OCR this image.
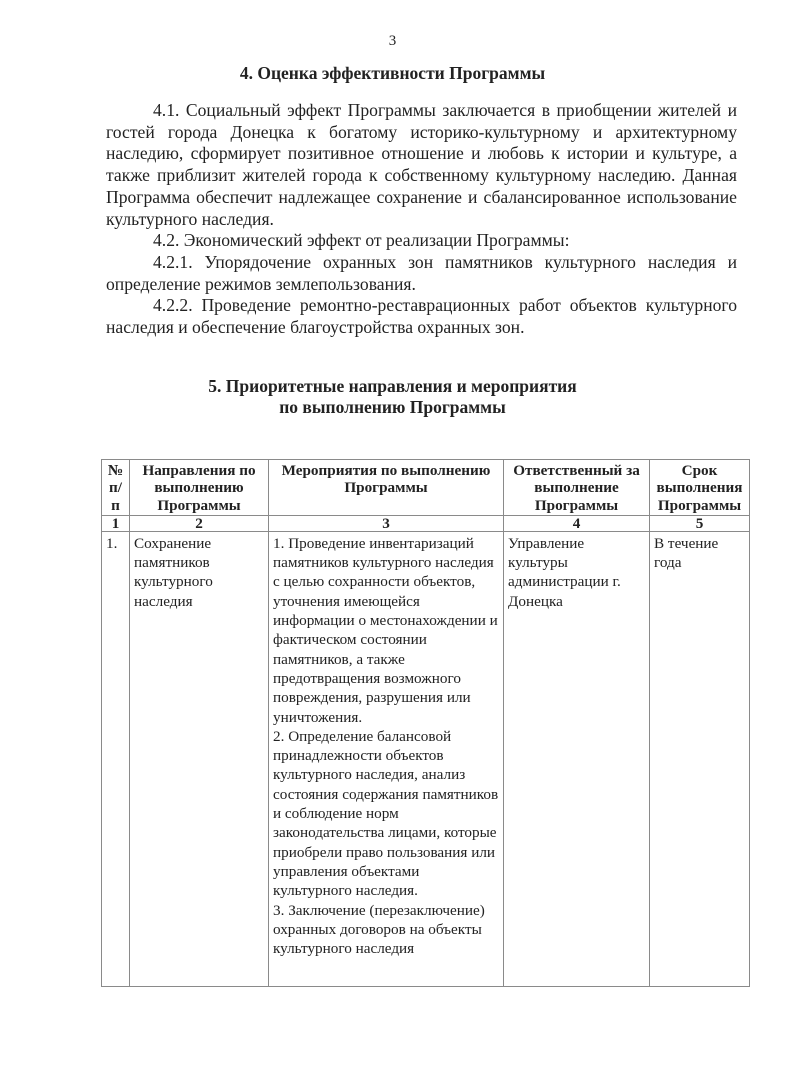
3
4. Оценка эффективности Программы

4.1. Социальный эффект Программы заключается в приобщении жителей и гостей города Донецка к богатому историко-культурному и архитектурному наследию, сформирует позитивное отношение и любовь к истории и культуре, а также приблизит жителей города к собственному культурному наследию. Данная Программа обеспечит надлежащее сохранение и сбалансированное использование культурного наследия.

4.2. Экономический эффект от реализации Программы:

4.2.1. Упорядочение охранных зон памятников культурного наследия и определение режимов землепользования.

4.2.2. Проведение ремонтно-реставрационных работ объектов культурного наследия и обеспечение благоустройства охранных зон.

5. Приоритетные направления и мероприятия
по выполнению Программы
№ п/ п	Направления по выполнению Программы	Мероприятия по выполнению Программы	Ответственный за выполнение Программы	Срок выполнения Программы
1	2	3	4	5
1.	Сохранение памятников культурного наследия	1. Проведение инвентаризаций памятников культурного наследия с целью сохранности объектов, уточнения имеющейся информации о местонахождении и фактическом состоянии памятников, а также предотвращения возможного повреждения, разрушения или уничтожения.
2. Определение балансовой принадлежности объектов культурного наследия, анализ состояния содержания памятников и соблюдение норм законодательства лицами, которые приобрели право пользования или управления объектами культурного наследия.
3. Заключение (перезаключение) охранных договоров на объекты культурного наследия	Управление культуры администрации г. Донецка	В течение года
